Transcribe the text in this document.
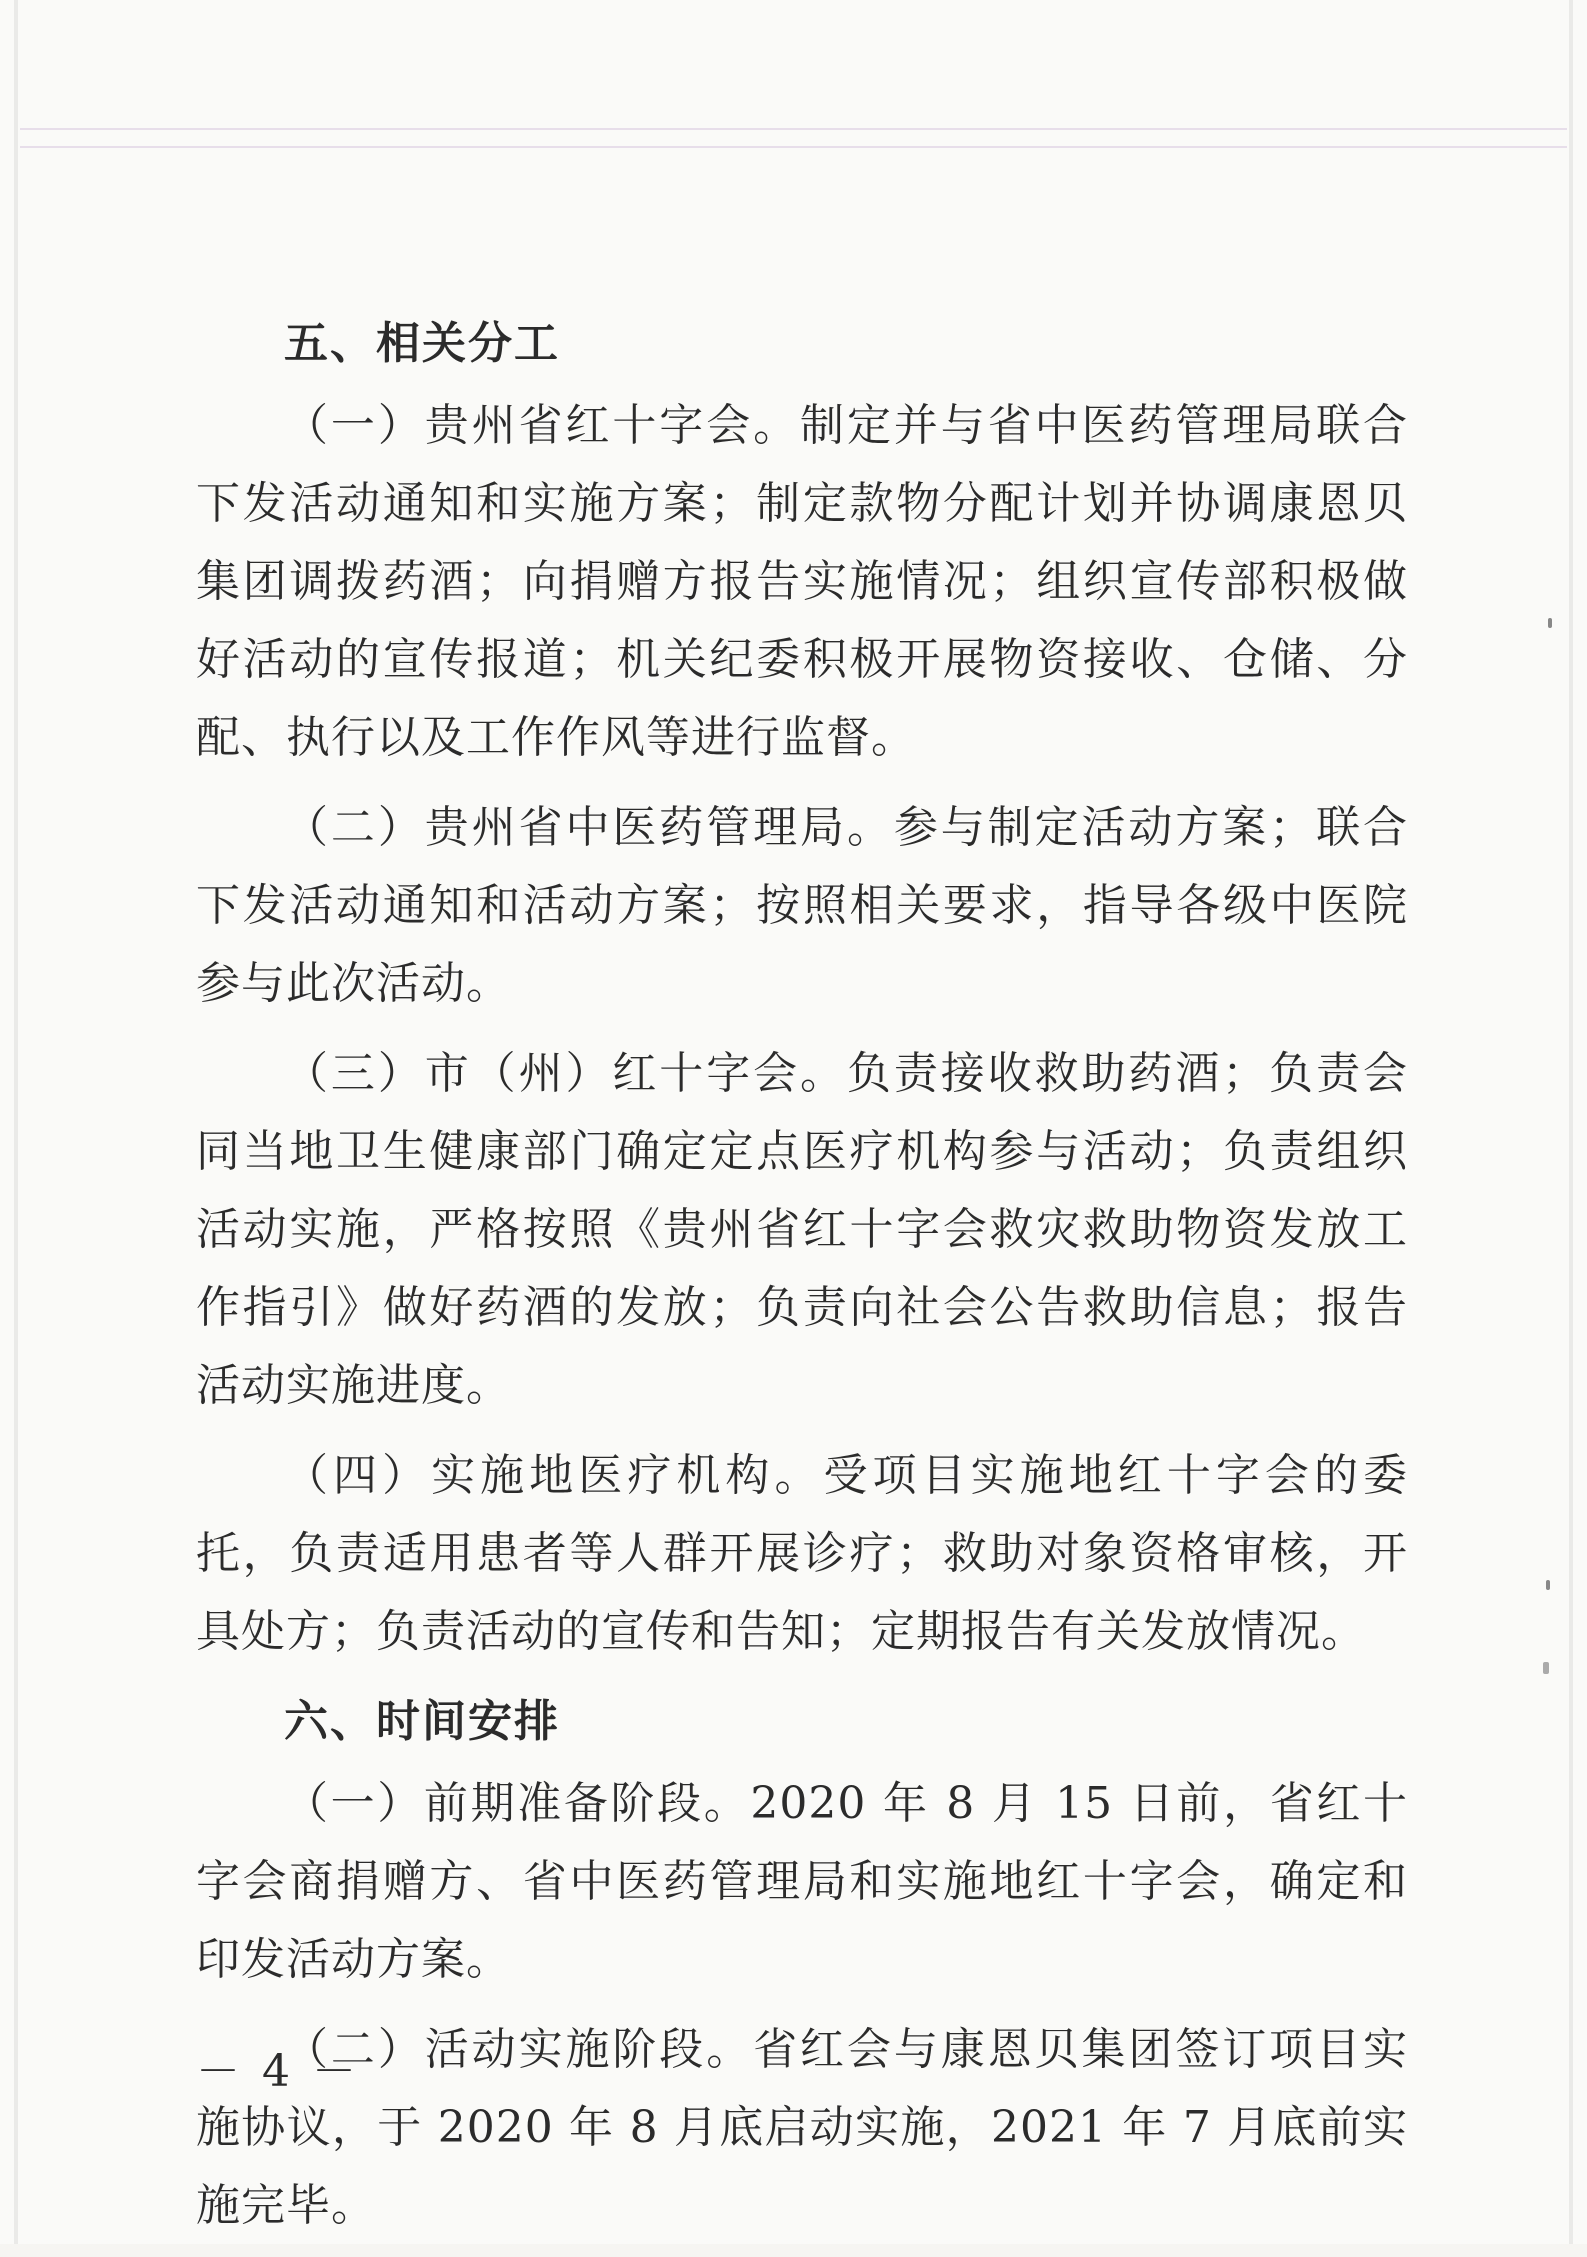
五、相关分工

（一）贵州省红十字会。制定并与省中医药管理局联合下发活动通知和实施方案；制定款物分配计划并协调康恩贝集团调拨药酒；向捐赠方报告实施情况；组织宣传部积极做好活动的宣传报道；机关纪委积极开展物资接收、仓储、分配、执行以及工作作风等进行监督。

（二）贵州省中医药管理局。参与制定活动方案；联合下发活动通知和活动方案；按照相关要求，指导各级中医院参与此次活动。

（三）市（州）红十字会。负责接收救助药酒；负责会同当地卫生健康部门确定定点医疗机构参与活动；负责组织活动实施，严格按照《贵州省红十字会救灾救助物资发放工作指引》做好药酒的发放；负责向社会公告救助信息；报告活动实施进度。

（四）实施地医疗机构。受项目实施地红十字会的委托，负责适用患者等人群开展诊疗；救助对象资格审核，开具处方；负责活动的宣传和告知；定期报告有关发放情况。

六、时间安排

（一）前期准备阶段。2020 年 8 月 15 日前，省红十字会商捐赠方、省中医药管理局和实施地红十字会，确定和印发活动方案。

（二）活动实施阶段。省红会与康恩贝集团签订项目实施协议，于 2020 年 8 月底启动实施，2021 年 7 月底前实施完毕。

－ 4 －
